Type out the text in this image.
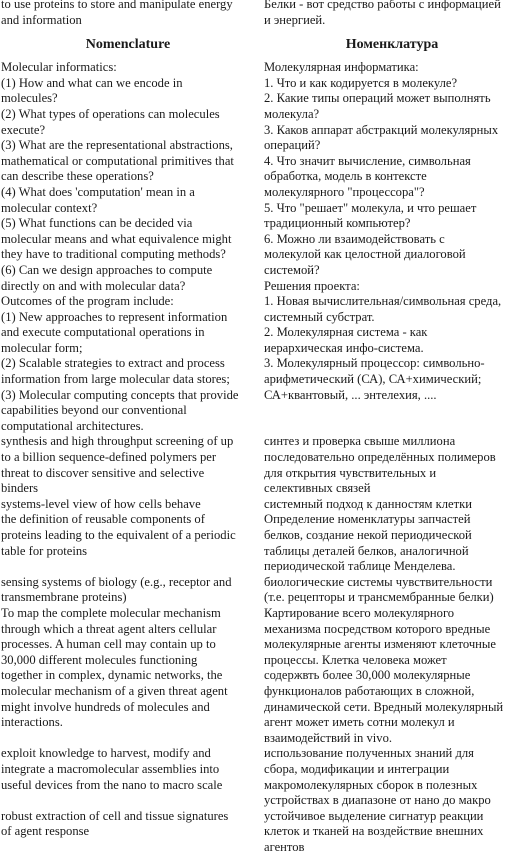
to use proteins to store and manipulate energy
and information
Nomenclature
Molecular informatics:
(1) How and what can we encode in
molecules?
(2) What types of operations can molecules
execute?
(3) What are the representational abstractions,
mathematical or computational primitives that
can describe these operations?
(4) What does 'computation' mean in a
molecular context?
(5) What functions can be decided via
molecular means and what equivalence might
they have to traditional computing methods?
(6) Can we design approaches to compute
directly on and with molecular data?
Outcomes of the program include:
(1) New approaches to represent information
and execute computational operations in
molecular form;
(2) Scalable strategies to extract and process
information from large molecular data stores;
(3) Molecular computing concepts that provide
capabilities beyond our conventional
computational architectures.
synthesis and high throughput screening of up
to a billion sequence-defined polymers per
threat to discover sensitive and selective
binders
systems-level view of how cells behave
the definition of reusable components of
proteins leading to the equivalent of a periodic
table for proteins
sensing systems of biology (e.g., receptor and
transmembrane proteins)
To map the complete molecular mechanism
through which a threat agent alters cellular
processes. A human cell may contain up to
30,000 different molecules functioning
together in complex, dynamic networks, the
molecular mechanism of a given threat agent
might involve hundreds of molecules and
interactions.
exploit knowledge to harvest, modify and
integrate a macromolecular assemblies into
useful devices from the nano to macro scale
robust extraction of cell and tissue signatures
of agent response
Белки - вот средство работы с информацией
и энергией.
Номенклатура
Молекулярная информатика:
1. Что и как кодируется в молекуле?
2. Какие типы операций может выполнять
молекула?
3. Каков аппарат абстракций молекулярных
операций?
4. Что значит вычисление, символьная
обработка, модель в контексте
молекулярного "процессора"?
5. Что "решает" молекула, и что решает
традиционный компьютер?
6. Можно ли взаимодействовать с
молекулой как целостной диалоговой
системой?
Решения проекта:
1. Новая вычислительная/символьная среда,
системный субстрат.
2. Молекулярная система - как
иерархическая инфо-система.
3. Молекулярный процессор: символьно-
арифметический (СА), СА+химический;
СА+квантовый, ... энтелехия, ....
синтез и проверка свыше миллиона
последовательно определённых полимеров
для открытия чувствительных и
селективных связей
системный подход к данностям клетки
Определение номенклатуры запчастей
белков, создание некой периодической
таблицы деталей белков, аналогичной
периодической таблице Менделева.
биологические системы чувствительности
(т.е. рецепторы и трансмембранные белки)
Картирование всего молекулярного
механизма посредством которого вредные
молекулярные агенты изменяют клеточные
процессы. Клетка человека может
содержвть более 30,000 молекулярные
функционалов работающих в сложной,
динамической сети. Вредный молекулярный
агент может иметь сотни молекул и
взаимодействий in vivo.
использование полученных знаний для
сбора, модификации и интеграции
макромолекулярных сборок в полезных
устройствах в диапазоне от нано до макро
устойчивое выделение сигнатур реакции
клеток и тканей на воздействие внешних
агентов
